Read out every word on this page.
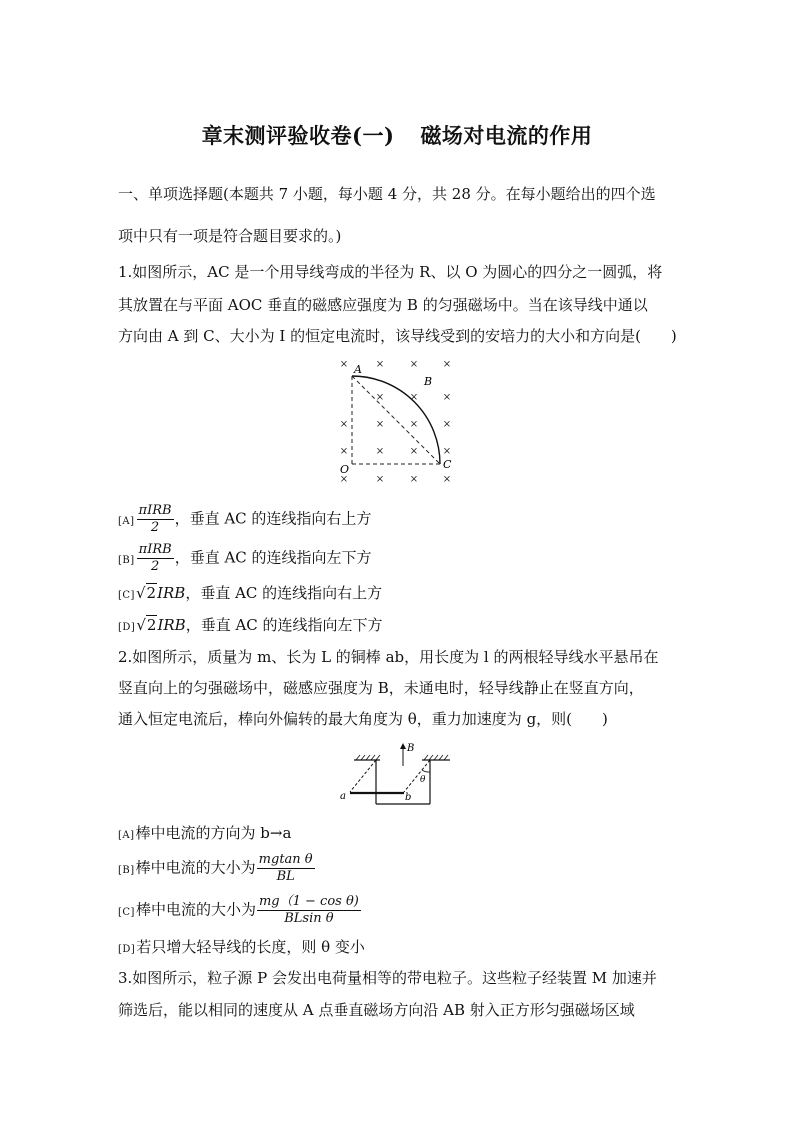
章末测评验收卷(一) 磁场对电流的作用
一、单项选择题(本题共 7 小题，每小题 4 分，共 28 分。在每小题给出的四个选
项中只有一项是符合题目要求的。)
1.如图所示，AC 是一个用导线弯成的半径为 R、以 O 为圆心的四分之一圆弧，将
其放置在与平面 AOC 垂直的磁感应强度为 B 的匀强磁场中。当在该导线中通以
方向由 A 到 C、大小为 I 的恒定电流时，该导线受到的安培力的大小和方向是(　　)
×	×	× ×
×	× ×
×	×	× ×
×	×	× ×
×	×	× ×
A
B
O	C
$[A] \frac{\text{πIRB}}{2}$ ，垂直 AC 的连线指向右上方
$[B] \frac{\text{πIRB}}{2}$ ，垂直 AC 的连线指向左下方
[C]√2IRB，垂直 AC 的连线指向右上方
[D]√2IRB，垂直 AC 的连线指向左下方
2.如图所示，质量为 m、长为 L 的铜棒 ab，用长度为 l 的两根轻导线水平悬吊在
竖直向上的匀强磁场中，磁感应强度为 B，未通电时，轻导线静止在竖直方向，
通入恒定电流后，棒向外偏转的最大角度为 θ，重力加速度为 g，则(　　)
B
θ
a	b
[A]棒中电流的方向为 b→a
[B]棒中电流的大小为 $\frac{\text{mgtan θ}}{BL}$
[C]棒中电流的大小为 $\frac{\text{mg（1 − cos θ)}}{\text{BLsin θ}}$
[D]若只增大轻导线的长度，则 θ 变小
3.如图所示，粒子源 P 会发出电荷量相等的带电粒子。这些粒子经装置 M 加速并
筛选后，能以相同的速度从 A 点垂直磁场方向沿 AB 射入正方形匀强磁场区域
